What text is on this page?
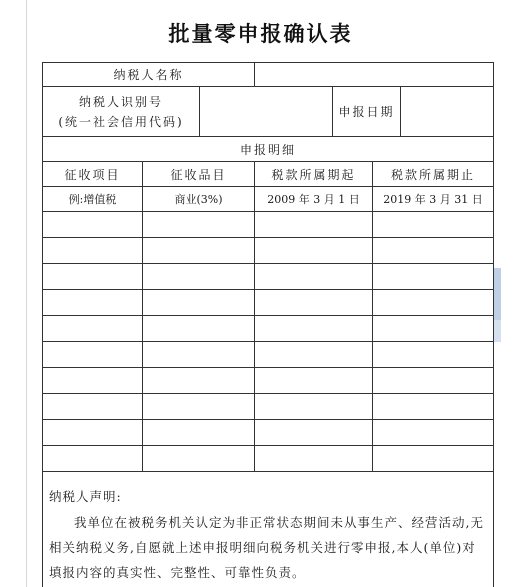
批量零申报确认表
纳税人名称						

纳税人识别号
(统一社会信用代码)				申报日期		
申报明细						
征收项目	征收品目		税款所属期起		税款所属期止	
例:增值税	商业(3%)		2009 年 3 月 1 日		2019 年 3 月 31 日	

纳税人声明:
我单位在被税务机关认定为非正常状态期间未从事生产、经营活动,无相关纳税义务,自愿就上述申报明细向税务机关进行零申报,本人(单位)对填报内容的真实性、完整性、可靠性负责。						
